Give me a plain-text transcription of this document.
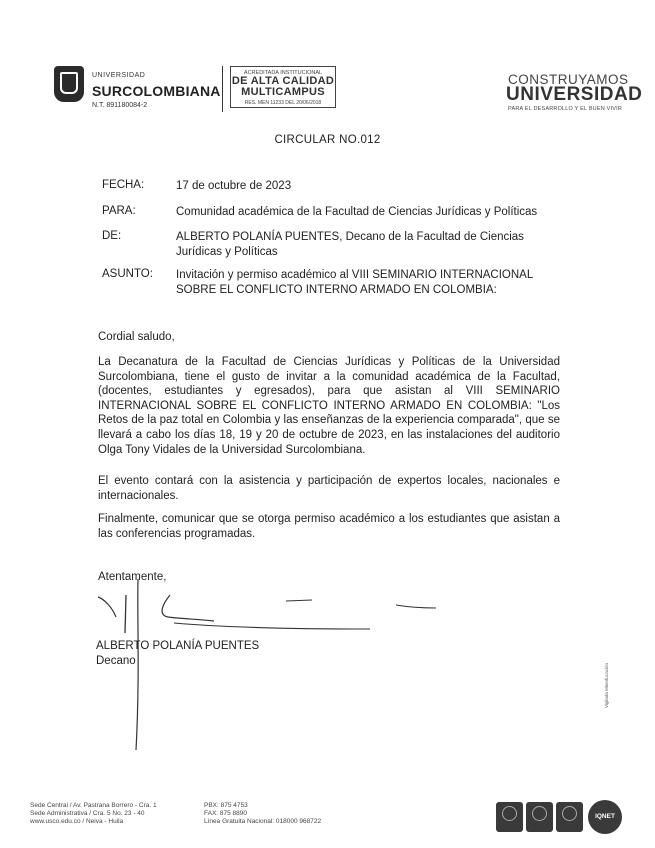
UNIVERSIDAD
SURCOLOMBIANA
N.T. 891180084-2
ACREDITADA INSTITUCIONAL
DE ALTA CALIDAD
MULTICAMPUS
RES. MEN 11233 DEL 20/06/2018
CONSTRUYAMOS
UNIVERSIDAD
PARA EL DESARROLLO Y EL BUEN VIVIR
CIRCULAR NO.012
FECHA:	17 de octubre de 2023
PARA:	Comunidad académica de la Facultad de Ciencias Jurídicas y Políticas
DE:	ALBERTO POLANÍA PUENTES, Decano de la Facultad de Ciencias Jurídicas y Políticas
ASUNTO: Invitación y permiso académico al VIII SEMINARIO INTERNACIONAL SOBRE EL CONFLICTO INTERNO ARMADO EN COLOMBIA:
Cordial saludo,
La Decanatura de la Facultad de Ciencias Jurídicas y Políticas de la Universidad Surcolombiana, tiene el gusto de invitar a la comunidad académica de la Facultad, (docentes, estudiantes y egresados), para que asistan al VIII SEMINARIO INTERNACIONAL SOBRE EL CONFLICTO INTERNO ARMADO EN COLOMBIA: "Los Retos de la paz total en Colombia y las enseñanzas de la experiencia comparada", que se llevará a cabo los días 18, 19 y 20 de octubre de 2023, en las instalaciones del auditorio Olga Tony Vidales de la Universidad Surcolombiana.
El evento contará con la asistencia y participación de expertos locales, nacionales e internacionales.
Finalmente, comunicar que se otorga permiso académico a los estudiantes que asistan a las conferencias programadas.
Atentamente,
ALBERTO POLANÍA PUENTES
Decano
Vigilada Mineducación
Sede Central / Av. Pastrana Borrero - Cra. 1
Sede Administrativa / Cra. 5 No. 23 - 40
www.usco.edu.co / Neiva - Huila
PBX: 875 4753
FAX: 875 8890
Línea Gratuita Nacional: 018000 968722
IQNET
